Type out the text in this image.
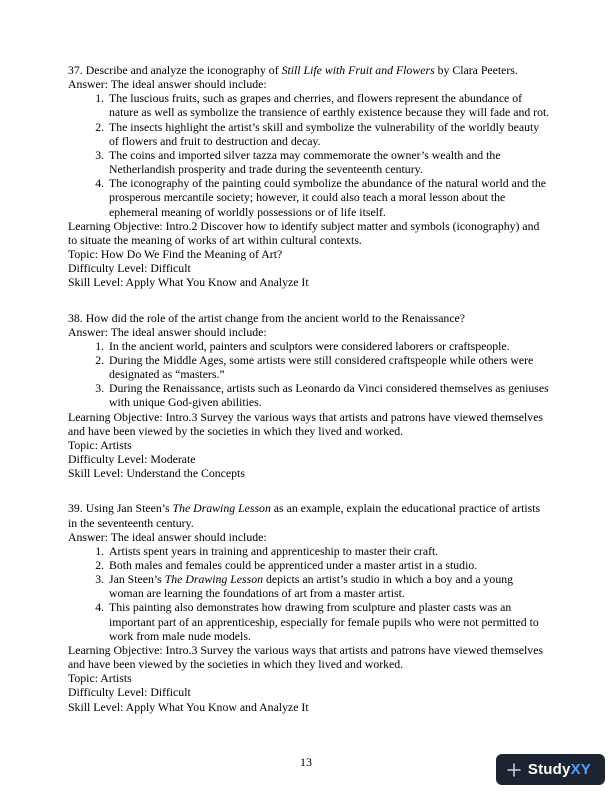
37. Describe and analyze the iconography of Still Life with Fruit and Flowers by Clara Peeters.

Answer: The ideal answer should include:

1. The luscious fruits, such as grapes and cherries, and flowers represent the abundance of nature as well as symbolize the transience of earthly existence because they will fade and rot.
2. The insects highlight the artist’s skill and symbolize the vulnerability of the worldly beauty of flowers and fruit to destruction and decay.
3. The coins and imported silver tazza may commemorate the owner’s wealth and the Netherlandish prosperity and trade during the seventeenth century.
4. The iconography of the painting could symbolize the abundance of the natural world and the prosperous mercantile society; however, it could also teach a moral lesson about the ephemeral meaning of worldly possessions or of life itself.

Learning Objective: Intro.2 Discover how to identify subject matter and symbols (iconography) and to situate the meaning of works of art within cultural contexts.

Topic: How Do We Find the Meaning of Art?

Difficulty Level: Difficult

Skill Level: Apply What You Know and Analyze It

38. How did the role of the artist change from the ancient world to the Renaissance?

Answer: The ideal answer should include:

1. In the ancient world, painters and sculptors were considered laborers or craftspeople.
2. During the Middle Ages, some artists were still considered craftspeople while others were designated as “masters.”
3. During the Renaissance, artists such as Leonardo da Vinci considered themselves as geniuses with unique God-given abilities.

Learning Objective: Intro.3 Survey the various ways that artists and patrons have viewed themselves and have been viewed by the societies in which they lived and worked.

Topic: Artists

Difficulty Level: Moderate

Skill Level: Understand the Concepts

39. Using Jan Steen’s The Drawing Lesson as an example, explain the educational practice of artists in the seventeenth century.

Answer: The ideal answer should include:

1. Artists spent years in training and apprenticeship to master their craft.
2. Both males and females could be apprenticed under a master artist in a studio.
3. Jan Steen’s The Drawing Lesson depicts an artist’s studio in which a boy and a young woman are learning the foundations of art from a master artist.
4. This painting also demonstrates how drawing from sculpture and plaster casts was an important part of an apprenticeship, especially for female pupils who were not permitted to work from male nude models.

Learning Objective: Intro.3 Survey the various ways that artists and patrons have viewed themselves and have been viewed by the societies in which they lived and worked.

Topic: Artists

Difficulty Level: Difficult

Skill Level: Apply What You Know and Analyze It

13	StudyXY
